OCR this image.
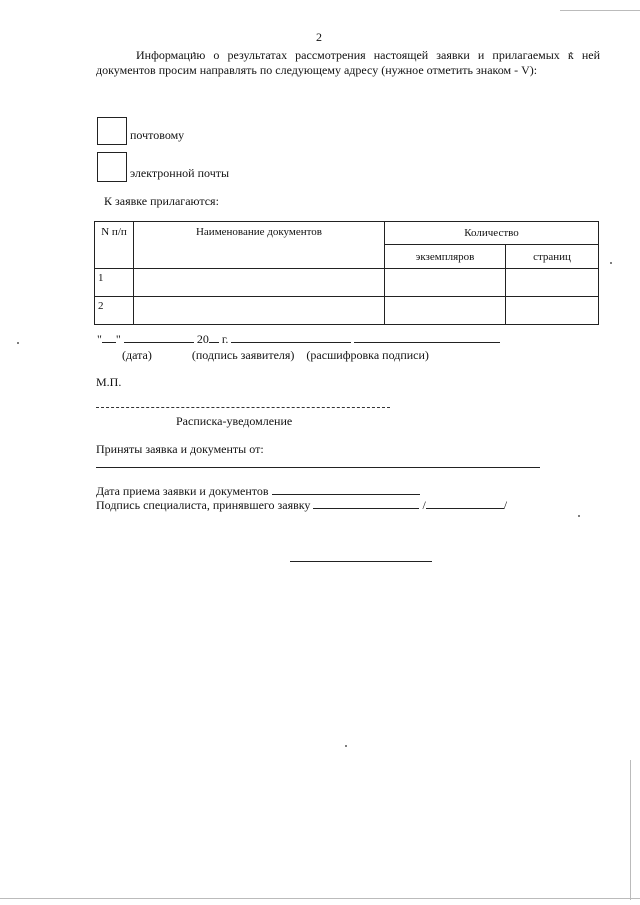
2
Информацию о результатах рассмотрения настоящей заявки и прилагаемых к ней
документов просим направлять по следующему адресу (нужное отметить знаком - V):
почтовому
электронной почты
К заявке прилагаются:
N п/п	Наименование документов	Количество	
		экземпляров	страниц
1			
2			
" "	20 г.
(дата)	(подпись заявителя) (расшифровка подписи)
М.П.
Расписка-уведомление
Приняты заявка и документы от:
Дата приема заявки и документов
Подпись специалиста, принявшего заявку	/	/
